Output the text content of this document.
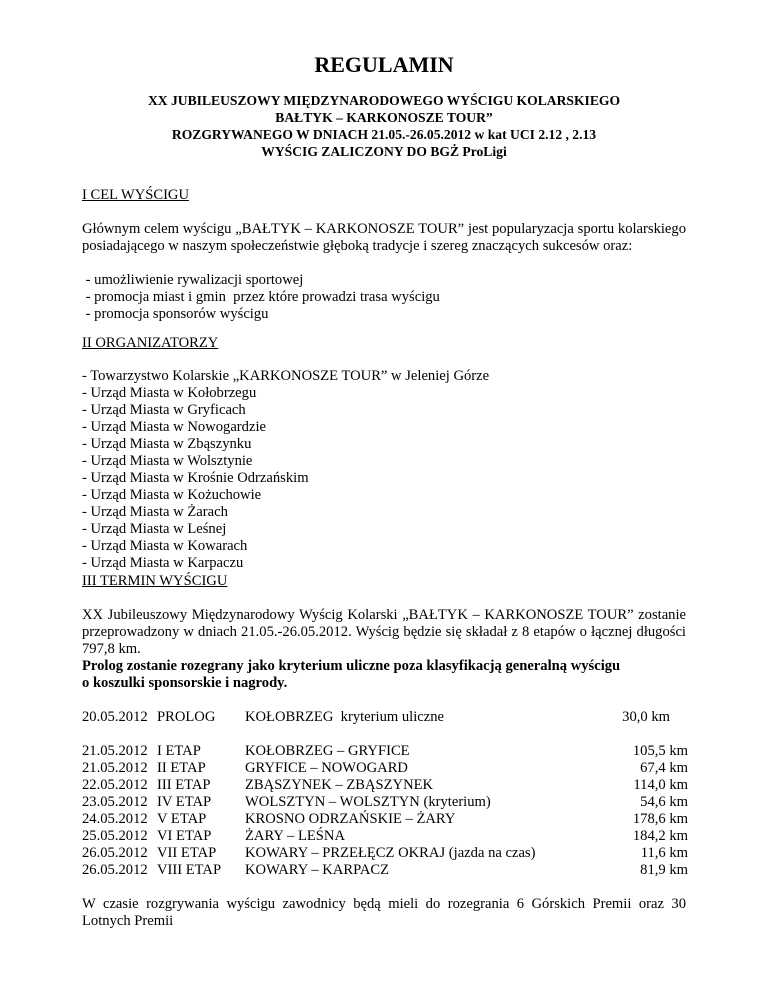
REGULAMIN
XX JUBILEUSZOWY MIĘDZYNARODOWEGO WYŚCIGU KOLARSKIEGO
BAŁTYK – KARKONOSZE TOUR”
ROZGRYWANEGO W DNIACH 21.05.-26.05.2012 w kat UCI 2.12 , 2.13
WYŚCIG ZALICZONY DO BGŻ ProLigi
I CEL WYŚCIGU
Głównym celem wyścigu „BAŁTYK – KARKONOSZE TOUR” jest popularyzacja sportu kolarskiego posiadającego w naszym społeczeństwie głęboką tradycje i szereg znaczących sukcesów oraz:
- umożliwienie rywalizacji sportowej
- promocja miast i gmin  przez które prowadzi trasa wyścigu
- promocja sponsorów wyścigu
II ORGANIZATORZY
- Towarzystwo Kolarskie „KARKONOSZE TOUR” w Jeleniej Górze
- Urząd Miasta w Kołobrzegu
- Urząd Miasta w Gryficach
- Urząd Miasta w Nowogardzie
- Urząd Miasta w Zbąszynku
- Urząd Miasta w Wolsztynie
- Urząd Miasta w Krośnie Odrzańskim
- Urząd Miasta w Kożuchowie
- Urząd Miasta w Żarach
- Urząd Miasta w Leśnej
- Urząd Miasta w Kowarach
- Urząd Miasta w Karpaczu
III TERMIN WYŚCIGU
XX Jubileuszowy Międzynarodowy Wyścig Kolarski „BAŁTYK – KARKONOSZE TOUR” zostanie przeprowadzony w dniach 21.05.-26.05.2012. Wyścig będzie się składał z 8 etapów o łącznej długości 797,8 km.
Prolog zostanie rozegrany jako kryterium uliczne poza klasyfikacją generalną wyścigu
o koszulki sponsorskie i nagrody.
20.05.2012 PROLOG KOŁOBRZEG  kryterium uliczne	30,0 km
21.05.2012 I ETAP	KOŁOBRZEG – GRYFICE	105,5 km
21.05.2012 II ETAP	GRYFICE – NOWOGARD	67,4 km
22.05.2012 III ETAP ZBĄSZYNEK – ZBĄSZYNEK	114,0 km
23.05.2012 IV ETAP WOLSZTYN – WOLSZTYN (kryterium)	54,6 km
24.05.2012 V ETAP	KROSNO ODRZAŃSKIE – ŻARY	178,6 km
25.05.2012 VI ETAP ŻARY – LEŚNA	184,2 km
26.05.2012 VII ETAP KOWARY – PRZEŁĘCZ OKRAJ (jazda na czas)	11,6 km
26.05.2012 VIII ETAP KOWARY – KARPACZ	81,9 km
W czasie rozgrywania wyścigu zawodnicy będą mieli do rozegrania 6 Górskich Premii oraz 30 Lotnych Premii
